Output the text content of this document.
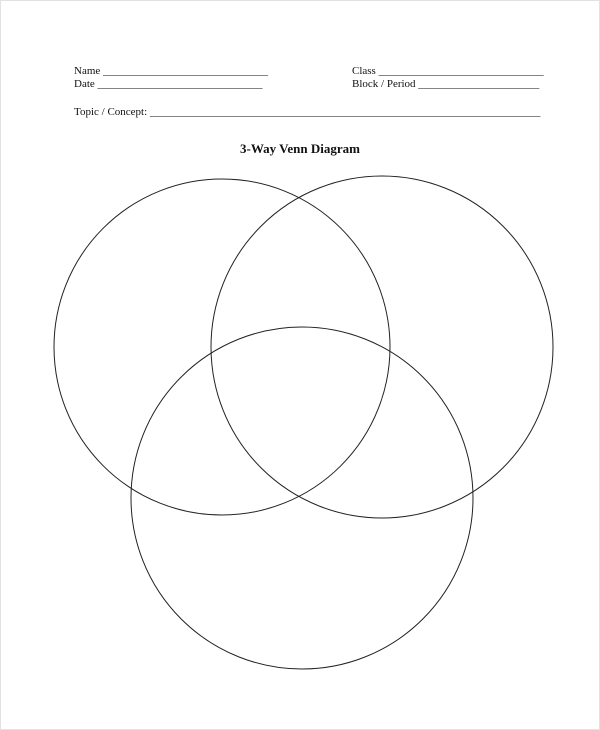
Name ______________________________
Date ______________________________
Class ______________________________
Block / Period ______________________
Topic / Concept: _______________________________________________________________________
3-Way Venn Diagram
